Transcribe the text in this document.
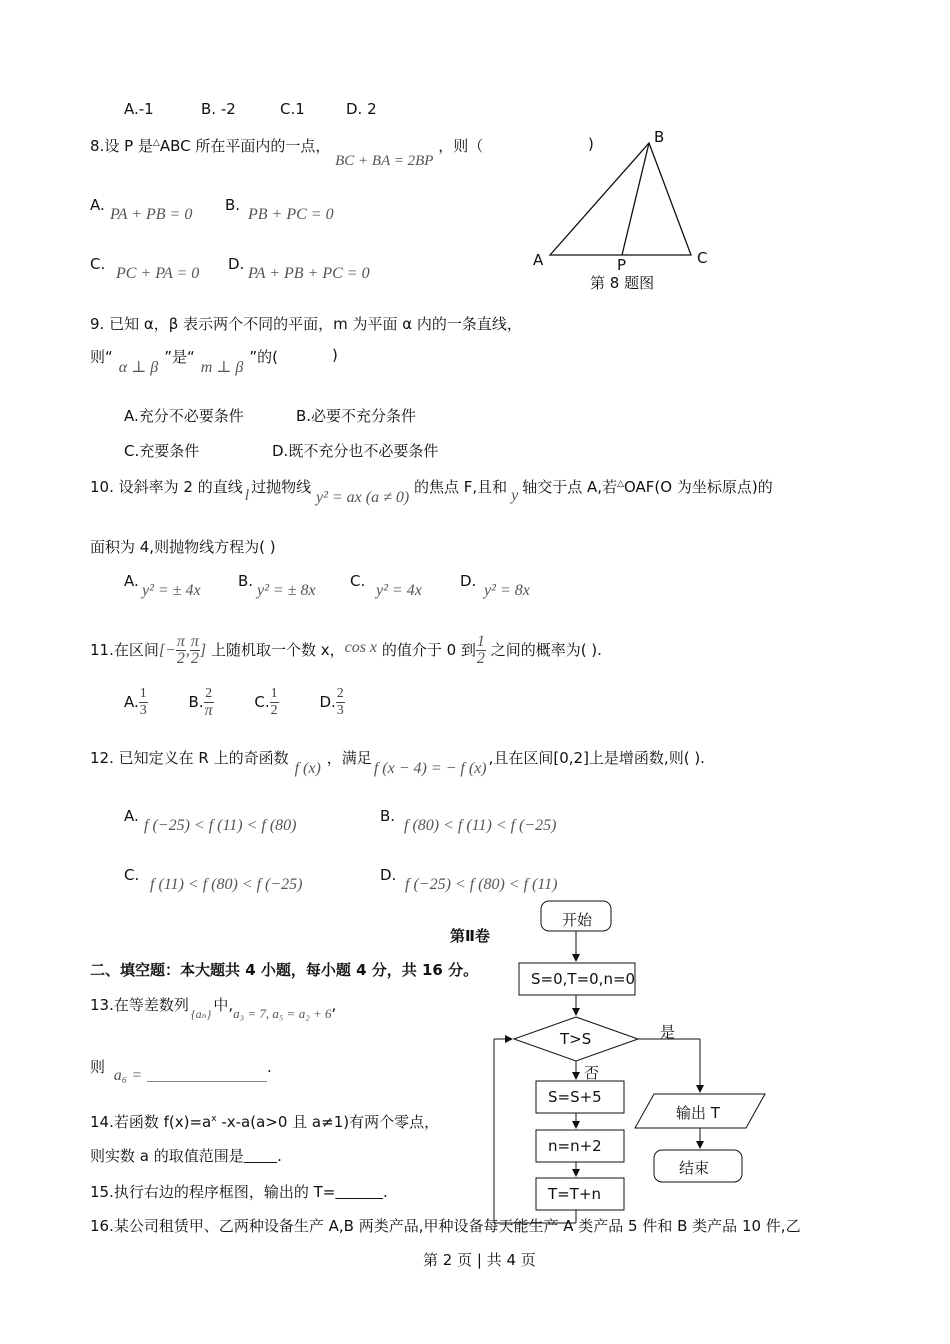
A.-1	B. -2	C.1	D. 2
8.设 P 是△ABC 所在平面内的一点， BC + BA = 2BP ，则（	)
A.
PA + PB = 0
B.
PB + PC = 0
C.
PC + PA = 0
D.
PA + PB + PC = 0
B
A	P	C
第 8 题图
9. 已知 α，β 表示两个不同的平面，m 为平面 α 内的一条直线，
则“α ⊥ β”是“m ⊥ β”的(	)
A.充分不必要条件	B.必要不充分条件
C.充要条件	D.既不充分也不必要条件
10. 设斜率为 2 的直线 l 过抛物线 y² = ax (a ≠ 0) 的焦点 F,且和 y 轴交于点 A,若△OAF(O 为坐标原点)的
面积为 4,则抛物线方程为( )
A.
y² = ± 4x
B.
y² = ± 8x
C.
y² = 4x
D.
y² = 8x
11.在区间[− $\frac{\pi}{2}$ , $\frac{\pi}{2}$ ] 上随机取一个数 x，cos x 的值介于 0 到 $\frac{1}{2}$ 之间的概率为( ).
A. $\frac{1}{3}$	B. $\frac{2}{\pi}$	C. $\frac{1}{2}$	D. $\frac{2}{3}$
12. 已知定义在 R 上的奇函数f (x)，满足f (x − 4) = − f (x),且在区间[0,2]上是增函数,则( ).
A.
f (−25) < f (11) < f (80)
B.
f (80) < f (11) < f (−25)
C.
f (11) < f (80) < f (−25)
D.
f (−25) < f (80) < f (11)
第Ⅱ卷
二、填空题：本大题共 4 小题，每小题 4 分，共 16 分。
13.在等差数列 $_{\{a_n\}}$ 中,a₃ = 7, a₅ = a₂ + 6,
则 a₆ =	.
14.若函数 $f(x)=a^x$ -x-a(a>0 且 a≠1)有两个零点，
则实数 a 的取值范围是 .
15.执行右边的程序框图，输出的 T=	.
16.某公司租赁甲、乙两种设备生产 A,B 两类产品,甲种设备每天能生产 A 类产品 5 件和 B 类产品 10 件,乙
开始
S=0,T=0,n=0
T>S	是
否
S=S+5
n=n+2
T=T+n
输出 T
结束
第 2 页 | 共 4 页
